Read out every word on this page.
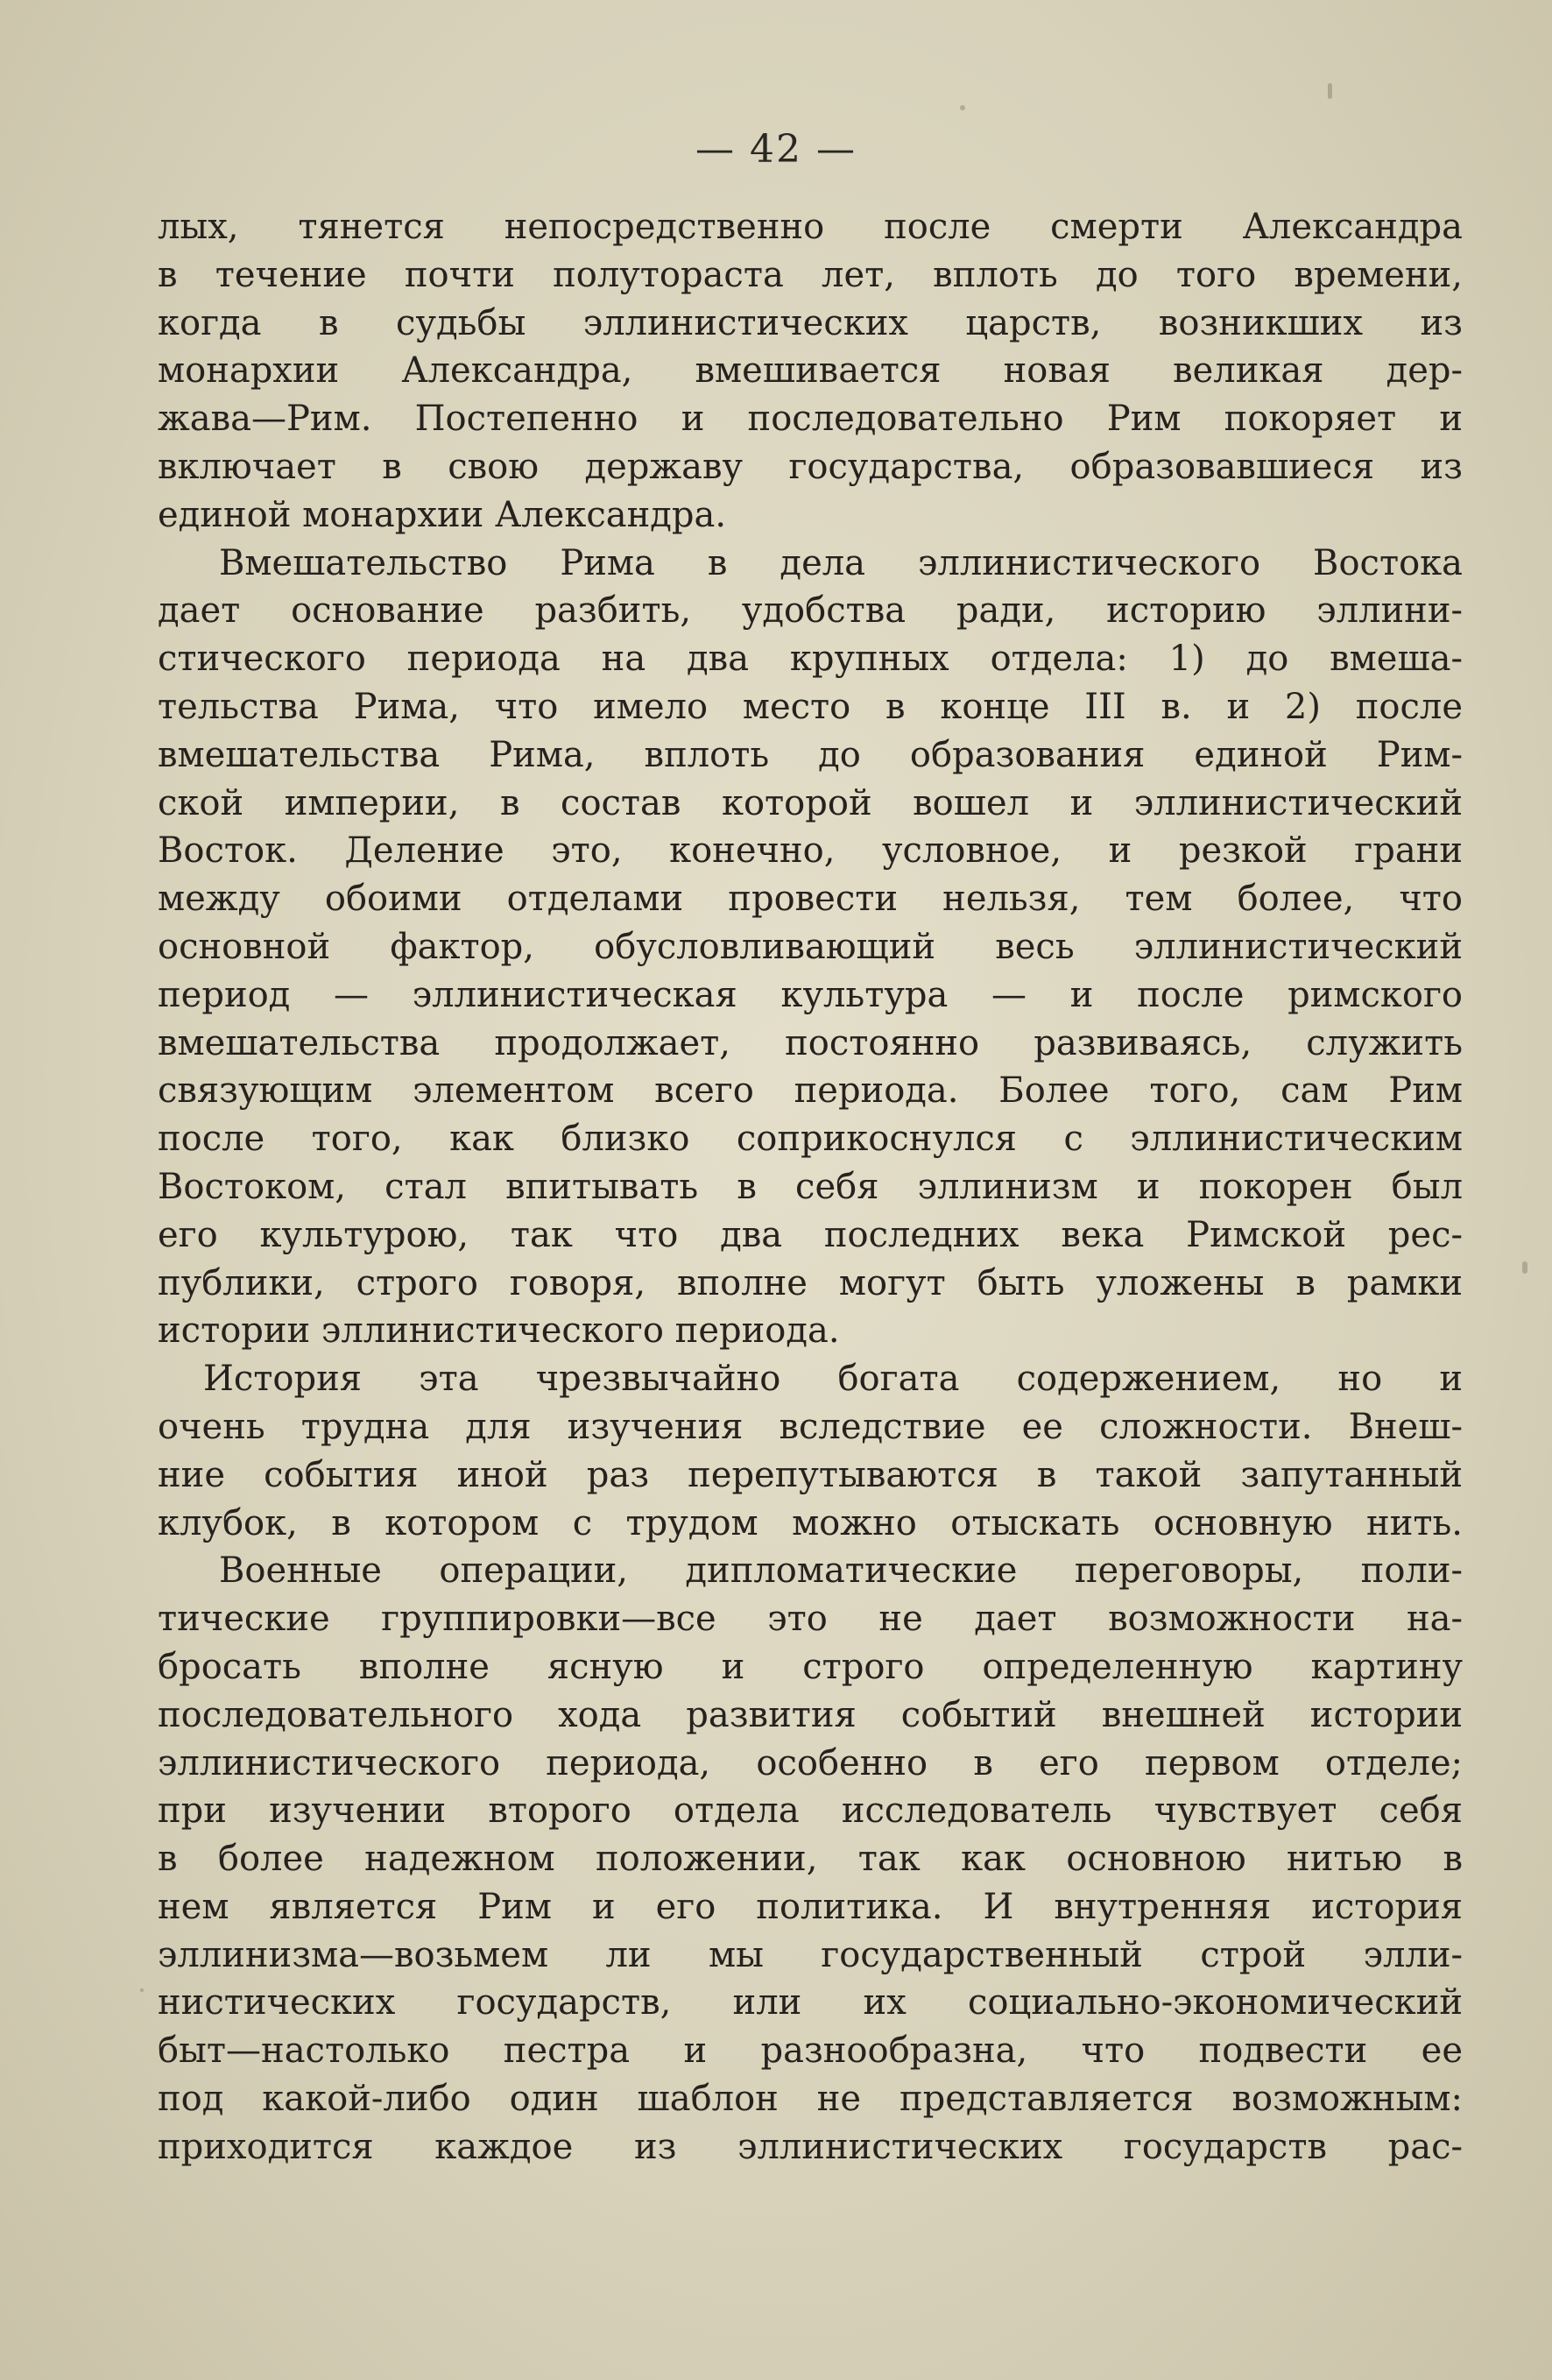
— 42 —
лых, тянется непосредственно после смерти Александра
в течение почти полутораста лет, вплоть до того времени,
когда в судьбы эллинистических царств, возникших из
монархии Александра, вмешивается новая великая дер-
жава—Рим. Постепенно и последовательно Рим покоряет и
включает в свою державу государства, образовавшиеся из
единой монархии Александра.
Вмешательство Рима в дела эллинистического Востока
дает основание разбить, удобства ради, историю эллини-
стического периода на два крупных отдела: 1) до вмеша-
тельства Рима, что имело место в конце III в. и 2) после
вмешательства Рима, вплоть до образования единой Рим-
ской империи, в состав которой вошел и эллинистический
Восток. Деление это, конечно, условное, и резкой грани
между обоими отделами провести нельзя, тем более, что
основной фактор, обусловливающий весь эллинистический
период — эллинистическая культура — и после римского
вмешательства продолжает, постоянно развиваясь, служить
связующим элементом всего периода. Более того, сам Рим
после того, как близко соприкоснулся с эллинистическим
Востоком, стал впитывать в себя эллинизм и покорен был
его культурою, так что два последних века Римской рес-
публики, строго говоря, вполне могут быть уложены в рамки
истории эллинистического периода.
История эта чрезвычайно богата содержением, но и
очень трудна для изучения вследствие ее сложности. Внеш-
ние события иной раз перепутываются в такой запутанный
клубок, в котором с трудом можно отыскать основную нить.
Военные операции, дипломатические переговоры, поли-
тические группировки—все это не дает возможности на-
бросать вполне ясную и строго определенную картину
последовательного хода развития событий внешней истории
эллинистического периода, особенно в его первом отделе;
при изучении второго отдела исследователь чувствует себя
в более надежном положении, так как основною нитью в
нем является Рим и его политика. И внутренняя история
эллинизма—возьмем ли мы государственный строй элли-
нистических государств, или их социально-экономический
быт—настолько пестра и разнообразна, что подвести ее
под какой-либо один шаблон не представляется возможным:
приходится каждое из эллинистических государств рас-
